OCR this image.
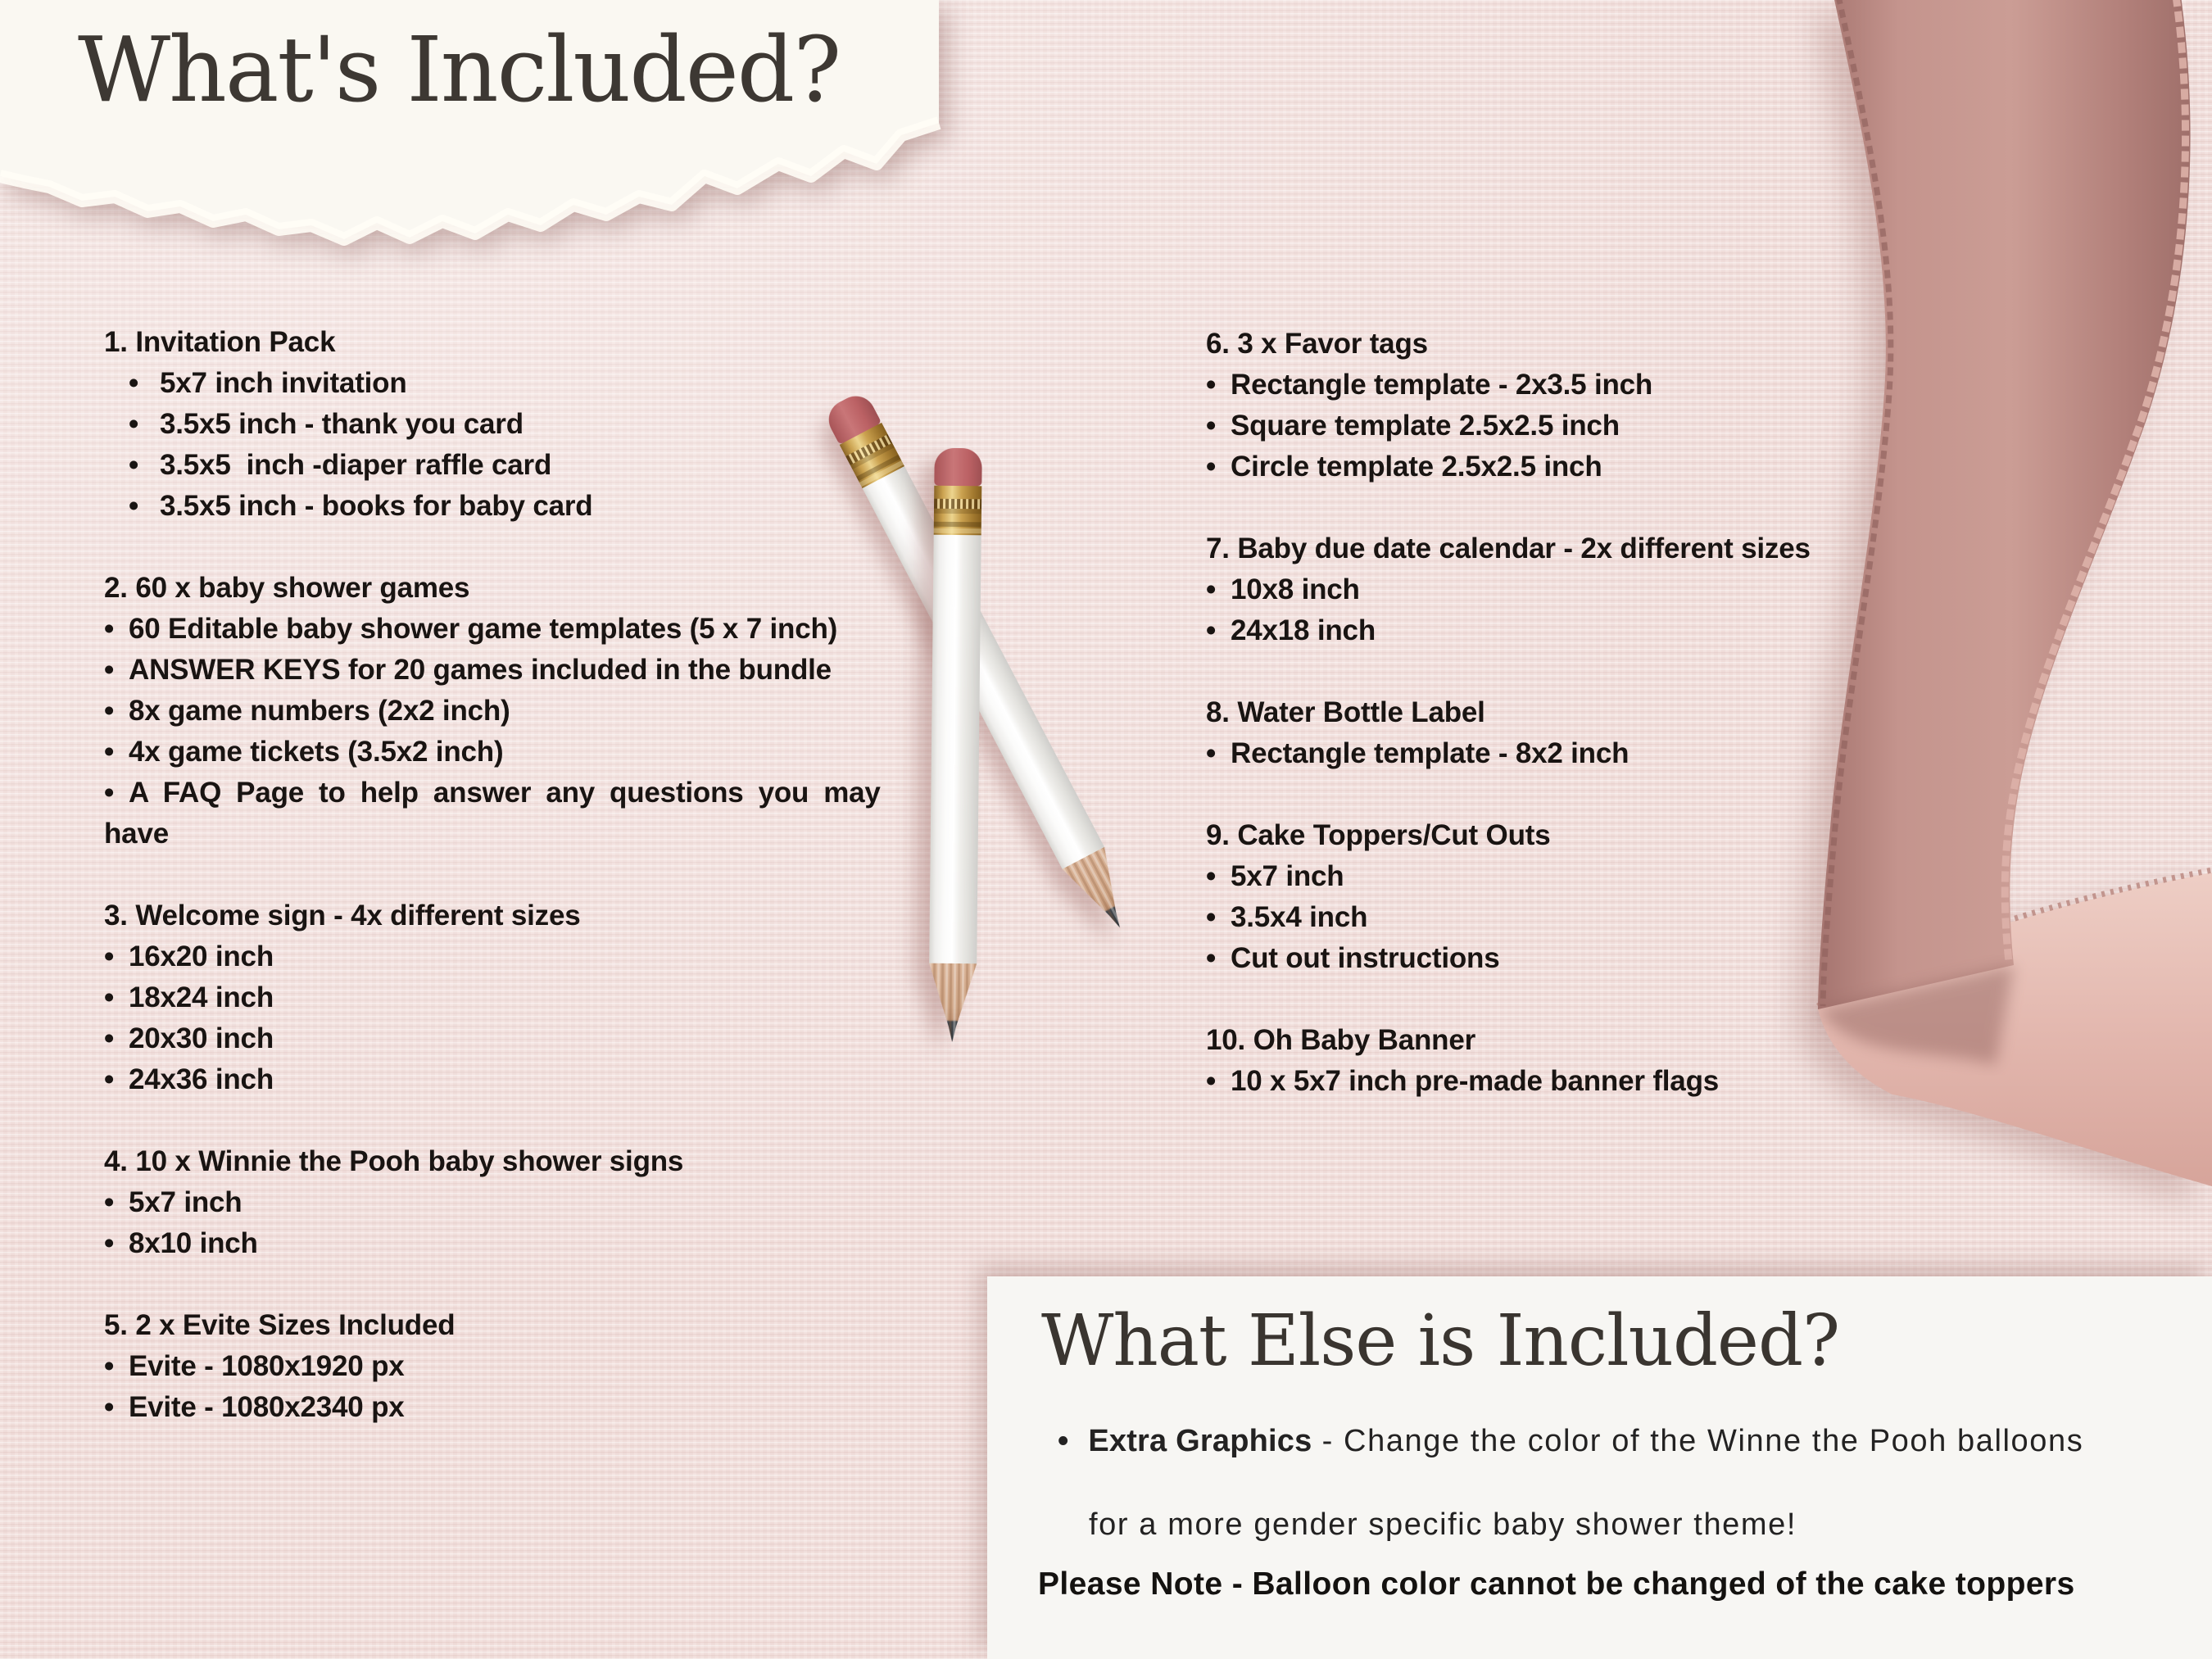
What's Included?
1. Invitation Pack
• 5x7 inch invitation
• 3.5x5 inch - thank you card
• 3.5x5  inch -diaper raffle card
• 3.5x5 inch - books for baby card
2. 60 x baby shower games
• 60 Editable baby shower game templates (5 x 7 inch)
• ANSWER KEYS for 20 games included in the bundle
• 8x game numbers (2x2 inch)
• 4x game tickets (3.5x2 inch)
• A FAQ Page to help answer any questions you may
have
3. Welcome sign - 4x different sizes
• 16x20 inch
• 18x24 inch
• 20x30 inch
• 24x36 inch
4. 10 x Winnie the Pooh baby shower signs
• 5x7 inch
• 8x10 inch
5. 2 x Evite Sizes Included
• Evite - 1080x1920 px
• Evite - 1080x2340 px
6. 3 x Favor tags
• Rectangle template - 2x3.5 inch
• Square template 2.5x2.5 inch
• Circle template 2.5x2.5 inch
7. Baby due date calendar - 2x different sizes
• 10x8 inch
• 24x18 inch
8. Water Bottle Label
• Rectangle template - 8x2 inch
9. Cake Toppers/Cut Outs
• 5x7 inch
• 3.5x4 inch
• Cut out instructions
10. Oh Baby Banner
• 10 x 5x7 inch pre-made banner flags
What Else is Included?
• Extra Graphics - Change the color of the Winne the Pooh balloons
for a more gender specific baby shower theme!
Please Note - Balloon color cannot be changed of the cake toppers
